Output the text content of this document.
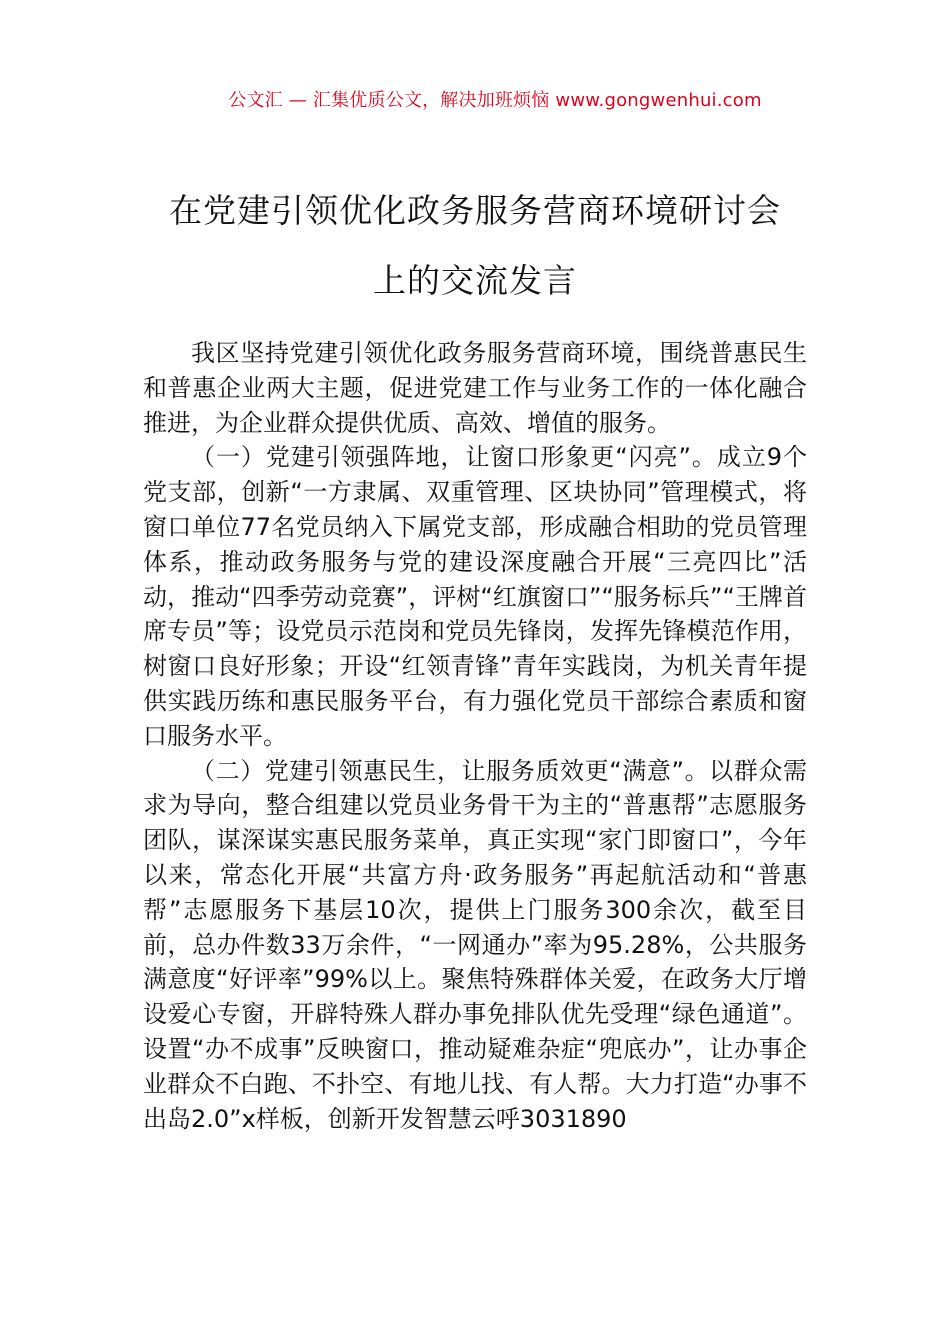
公文汇 — 汇集优质公文，解决加班烦恼 www.gongwenhui.com
在党建引领优化政务服务营商环境研讨会
上的交流发言

我区坚持党建引领优化政务服务营商环境，围绕普惠民生和普惠企业两大主题，促进党建工作与业务工作的一体化融合推进，为企业群众提供优质、高效、增值的服务。

（一）党建引领强阵地，让窗口形象更“闪亮”。成立9个党支部，创新“一方隶属、双重管理、区块协同”管理模式，将窗口单位77名党员纳入下属党支部，形成融合相助的党员管理体系，推动政务服务与党的建设深度融合开展“三亮四比”活动，推动“四季劳动竞赛”，评树“红旗窗口”“服务标兵”“王牌首席专员”等；设党员示范岗和党员先锋岗，发挥先锋模范作用，树窗口良好形象；开设“红领青锋”青年实践岗，为机关青年提供实践历练和惠民服务平台，有力强化党员干部综合素质和窗口服务水平。

（二）党建引领惠民生，让服务质效更“满意”。以群众需求为导向，整合组建以党员业务骨干为主的“普惠帮”志愿服务团队，谋深谋实惠民服务菜单，真正实现“家门即窗口”，今年以来，常态化开展“共富方舟·政务服务”再起航活动和“普惠帮”志愿服务下基层10次，提供上门服务300余次，截至目前，总办件数33万余件，“一网通办”率为95.28%，公共服务满意度“好评率”99%以上。聚焦特殊群体关爱，在政务大厅增设爱心专窗，开辟特殊人群办事免排队优先受理“绿色通道”。设置“办不成事”反映窗口，推动疑难杂症“兜底办”，让办事企业群众不白跑、不扑空、有地儿找、有人帮。大力打造“办事不出岛2.0”x样板，创新开发智慧云呼3031890
